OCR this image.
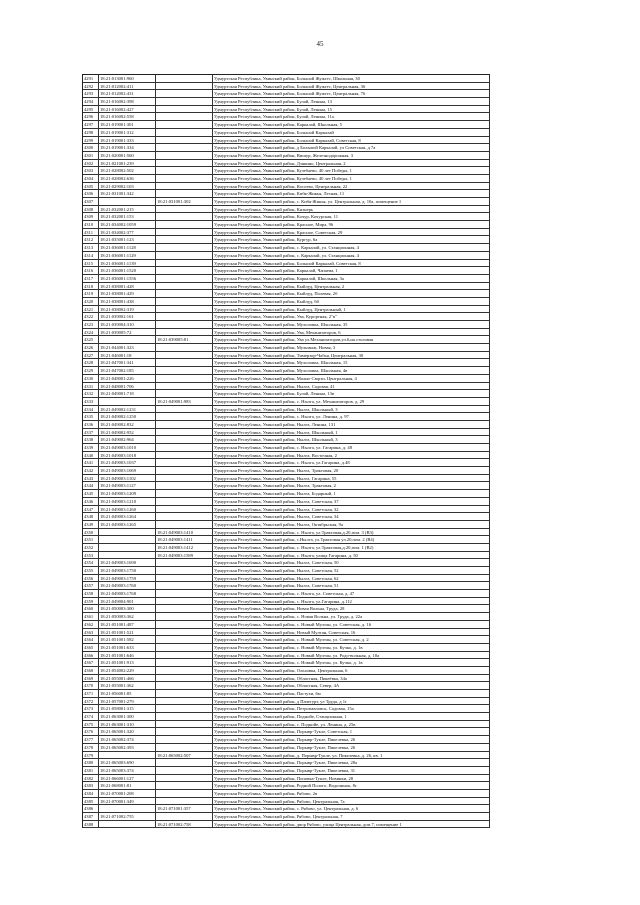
45
4291	18:21:013001:960	Удмуртская Республика, Увинский район, Большой Жужгес, Школьная, 30
4292	18:21:012002:411	Удмуртская Республика, Увинский район, Большой Жужгес, Центральная, 36
4293	18:21:012002:431	Удмуртская Республика, Увинский район, Большой Жужгес, Центральная, 76
4294	18:21:016002:398	Удмуртская Республика, Увинский район, Булай, Ленина, 13
4295	18:21:016002:427	Удмуртская Республика, Увинский район, Булай, Ленина, 15
4296	18:21:016002:558	Удмуртская Республика, Увинский район, Булай, Ленина, 11а
4297	18:21:019001:301	Удмуртская Республика, Увинский район, Каркалай, Школьная, 5
4298	18:21:019001:312	Удмуртская Республика, Увинский район, Большой Каркалай
4299	18:21:019001:333	Удмуртская Республика, Увинский район, Большой Каркалай, Советская, 8
4300	18:21:019001:334	Удмуртская Республика, Увинский район, д Большой Каркалай, ул Советская, д 7а
4301	18:21:020001:560	Удмуртская Республика, Увинский район, Вишур, Железнодорожная, 3
4302	18:21:021001:239	Удмуртская Республика, Увинский район, Дзякино, Центральная, 2
4303	18:21:028002:502	Удмуртская Республика, Увинский район, Кузебаево, 40 лет Победы, 1
4304	18:21:028002:636	Удмуртская Республика, Увинский район, Кузебаево, 40 лет Победы, 1
4305	18:21:029002:103	Удмуртская Республика, Увинский район, Косоево, Центральная, 22
4306	18:21:031001:342	Удмуртская Республика, Увинский район, Кибя-Жикья, Лесная, 11
4307	18:21:031001:302	Удмуртская Республика, Увинский район, с. Кибя-Жикья, ул. Центральная, д. 10а, помещение 1
4308	18:21:032001:215	Удмуртская Республика, Увинский район, Кизнерь
4309	18:21:032001:153	Удмуртская Республика, Увинский район, Кочур, Кочурская, 11
4310	18:21:034002:1059	Удмуртская Республика, Увинский район, Красное, Мира, 96
4311	18:21:034002:377	Удмуртская Республика, Увинский район, Красное, Советская, 29
4312	18:21:035001:123	Удмуртская Республика, Увинский район, Кургур, 6а
4313	18:21:036001:1128	Удмуртская Республика, Увинский район, с. Каркалай, ул. Станционная, 4
4314	18:21:036001:1129	Удмуртская Республика, Увинский район, с. Каркалай, ул. Станционная, 4
4315	18:21:036001:1139	Удмуртская Республика, Увинский район, Большой Каркалай, Советская, 8
4316	18:21:036001:1520	Удмуртская Республика, Увинский район, Каркалай, Чапаева, 1
4317	18:21:036001:1556	Удмуртская Республика, Увинский район, Каркалай, Школьная, 3а
4318	18:21:038001:428	Удмуртская Республика, Увинский район, Кыйлуд, Центральная, 2
4319	18:21:038001:429	Удмуртская Республика, Увинский район, Кыйлуд, Полевая, 2б
4320	18:21:038001:438	Удмуртская Республика, Увинский район, Кыйлуд, 6б
4321	18:21:038002:319	Удмуртская Республика, Увинский район, Кыйлуд, Центральный, 1
4322	18:21:039002:161	Удмуртская Республика, Увинский район, Ува, Курортная, 2"в"
4323	18:21:039004:310	Удмуртская Республика, Увинский район, Мухоловка, Школьная, 35
4324	18:21:039005:72	Удмуртская Республика, Увинский район, Ува, Механизаторов, 6
4325	18:21:039005:81	Удмуртская Республика, Увинский район, Ува ул.Механизаторов,ул.6,на.столовая
4326	18:21:044001:323	Удмуртская Республика, Увинский район, Мульмыж, Новая, 3
4327	18:21:046001:18	Удмуртская Республика, Увинский район, Тимерзор-Чабья, Центральная, 30
4328	18:21:047001:341	Удмуртская Республика, Увинский район, Мухоловка, Школьная, 15
4329	18:21:047002:185	Удмуртская Республика, Увинский район, Мухоловка, Школьная, 4в
4330	18:21:048001:226	Удмуртская Республика, Увинский район, Малые Сюрзи, Центральная, 4
4331	18:21:048001:706	Удмуртская Республика, Увинский район, Нылга, Садовая, 41
4332	18:21:049001:718	Удмуртская Республика, Увинский район, Булай, Ленина, 13в
4333	18:21:049001:983	Удмуртская Республика, Увинский район, с. Нылга, ул. Механизаторов, д. 29
4334	18:21:049002:1231	Удмуртская Республика, Увинский район, Нылга, Школьный, 3
4335	18:21:049002:1250	Удмуртская Республика, Увинский район, с. Нылга, ул. Ленина, д. 97
4336	18:21:049002:832	Удмуртская Республика, Увинский район, Нылга, Ленина, 131
4337	18:21:049002:952	Удмуртская Республика, Увинский район, Нылга, Школьный, 1
4338	18:21:049002:964	Удмуртская Республика, Увинский район, Нылга, Школьный, 3
4339	18:21:049003:1010	Удмуртская Республика, Увинский район, с. Нылга, ул. Гагарина, д. 48
4340	18:21:049003:1018	Удмуртская Республика, Увинский район, Нылга, Восточная, 2
4341	18:21:049003:1037	Удмуртская Республика, Увинский район, с. Нылга, ул.Гагарина, д.48
4342	18:21:049003:1069	Удмуртская Республика, Увинский район, Нылга, Трактовая, 20
4343	18:21:049003:1102	Удмуртская Республика, Увинский район, Нылга, Гагарина, 55
4344	18:21:049003:1127	Удмуртская Республика, Увинский район, Нылга, Трактовая, 2
4345	18:21:049003:1209	Удмуртская Республика, Увинский район, Нылга, Бодарный, 1
4346	18:21:049003:1210	Удмуртская Республика, Увинский район, Нылга, Советская, 37
4347	18:21:049003:1260	Удмуртская Республика, Увинский район, Нылга, Советская, 32
4348	18:21:049003:1264	Удмуртская Республика, Увинский район, Нылга, Советская, 34
4349	18:21:049003:1265	Удмуртская Республика, Увинский район, Нылга, Октябрьская, 9а
4350	18:21:049003:1410	Удмуртская Республика, Увинский район, с. Нылга, ул.Трактовая,д.20,пом. 3 (В3)
4351	18:21:049003:1411	Удмуртская Республика, Увинский район, с.Нылга, ул.Трактовая ул.20,пом. 2 (В4)
4352	18:21:049003:1412	Удмуртская Республика, Увинский район, с. Нылга, ул.Трактовая,д.20,пом. 1 (В2)
4353	18:21:049003:1589	Удмуртская Республика, Увинский район, с. Нылга, улица Гагарина, д. 50
4354	18:21:049003:1690	Удмуртская Республика, Увинский район, Нылга, Советская, 50
4355	18:21:049003:1750	Удмуртская Республика, Увинский район, Нылга, Советская, 52
4356	18:21:049003:1759	Удмуртская Республика, Увинский район, Нылга, Советская, 62
4357	18:21:049003:1760	Удмуртская Республика, Увинский район, Нылга, Советская, 51
4358	18:21:049003:1768	Удмуртская Республика, Увинский район, с. Нылга, ул. Советская, д. 47
4359	18:21:049004:901	Удмуртская Республика, Увинский район, с. Нылга, ул.Гагарина, д.112
4360	18:21:050003:300	Удмуртская Республика, Увинский район, Новая Вольна, Труда, 28
4361	18:21:050003:362	Удмуртская Республика, Увинский район, с. Новая Вольна, ул. Труда, д. 22а
4362	18:21:051001:487	Удмуртская Республика, Увинский район, с. Новый Мултан, ул. Советская, д. 16
4363	18:21:051001:521	Удмуртская Республика, Увинский район, Новый Мултан, Советская, 16
4364	18:21:051001:582	Удмуртская Республика, Увинский район, с. Новый Мултан, ул. Советская, д. 2
4365	18:21:051001:633	Удмуртская Республика, Увинский район, с. Новый Мултан, ул. Кучко, д. 1в
4366	18:21:051001:646	Удмуртская Республика, Увинский район, с. Новый Мултан, ул. Родо-вольная, д. 10а
4367	18:21:051001:913	Удмуртская Республика, Увинский район, с. Новый Мултан, ул. Кучко, д. 1в
4368	18:21:054002:229	Удмуртская Республика, Увинский район, Ольховка, Центральная, 6
4369	18:21:055001:466	Удмуртская Республика, Увинский район, Областная, Пикеёвка, 34а
4370	18:21:055001:362	Удмуртская Республика, Увинский район, Областная, Север, 4А
4371	18:21:056001:85	Удмуртская Республика, Увинский район, Пастухи, 6м
4372	18:21:057001:279	Удмуртская Республика, Увинский район, д Пачегурт, ул Труда, д 1г
4373	18:21:058001:315	Удмуртская Республика, Увинский район, Петропавловск, Садовая, 15а
4374	18:21:063001:300	Удмуртская Республика, Увинский район, Поднойе, Станционная, 1
4375	18:21:063001:310	Удмуртская Республика, Увинский район, с. Поднойе, ул. Ленина, д. 25в
4376	18:21:065001:320	Удмуртская Республика, Увинский район, Порывр-Тукле, Советская, 1
4377	18:21:065002:374	Удмуртская Республика, Увинский район, Порывр-Тукле, Пикелевка, 26
4378	18:21:065002:393	Удмуртская Республика, Увинский район, Порывр-Тукле, Пикелевка, 26
4379	18:21:065002:507	Удмуртская Республика, Увинский район, д. Порывр-Тукле, ул. Пикелевка, д. 26, кв. 1
4380	18:21:065003:690	Удмуртская Республика, Увинский район, Порывр-Тукле, Пикелевка, 28а
4381	18:21:065003:374	Удмуртская Республика, Увинский район, Порывр-Тукле, Пикелевка, 31
4382	18:21:066001:127	Удмуртская Республика, Увинский район, Поповка-Тукле, Новинки, 28
4383	18:21:068001:81	Удмуртская Республика, Увинский район, Родной Полого, Водопинок, 8г
4384	18:21:070001:208	Удмуртская Республика, Увинский район, Рябово, 2в
4385	18:21:070001:349	Удмуртская Республика, Увинский район, Рябово, Центральная, 7а
4386	18:21:071001:357	Удмуртская Республика, Увинский район, с. Рябово, ул. Центральная, д. 6
4387	18:21:071002:755	Удмуртская Республика, Увинский район, Рябово, Центральная, 7
4388	18:21:071002:758	Удмуртская Республика, Увинский район, двор Рябово, улица Центральная, дом 7, помещение 1
